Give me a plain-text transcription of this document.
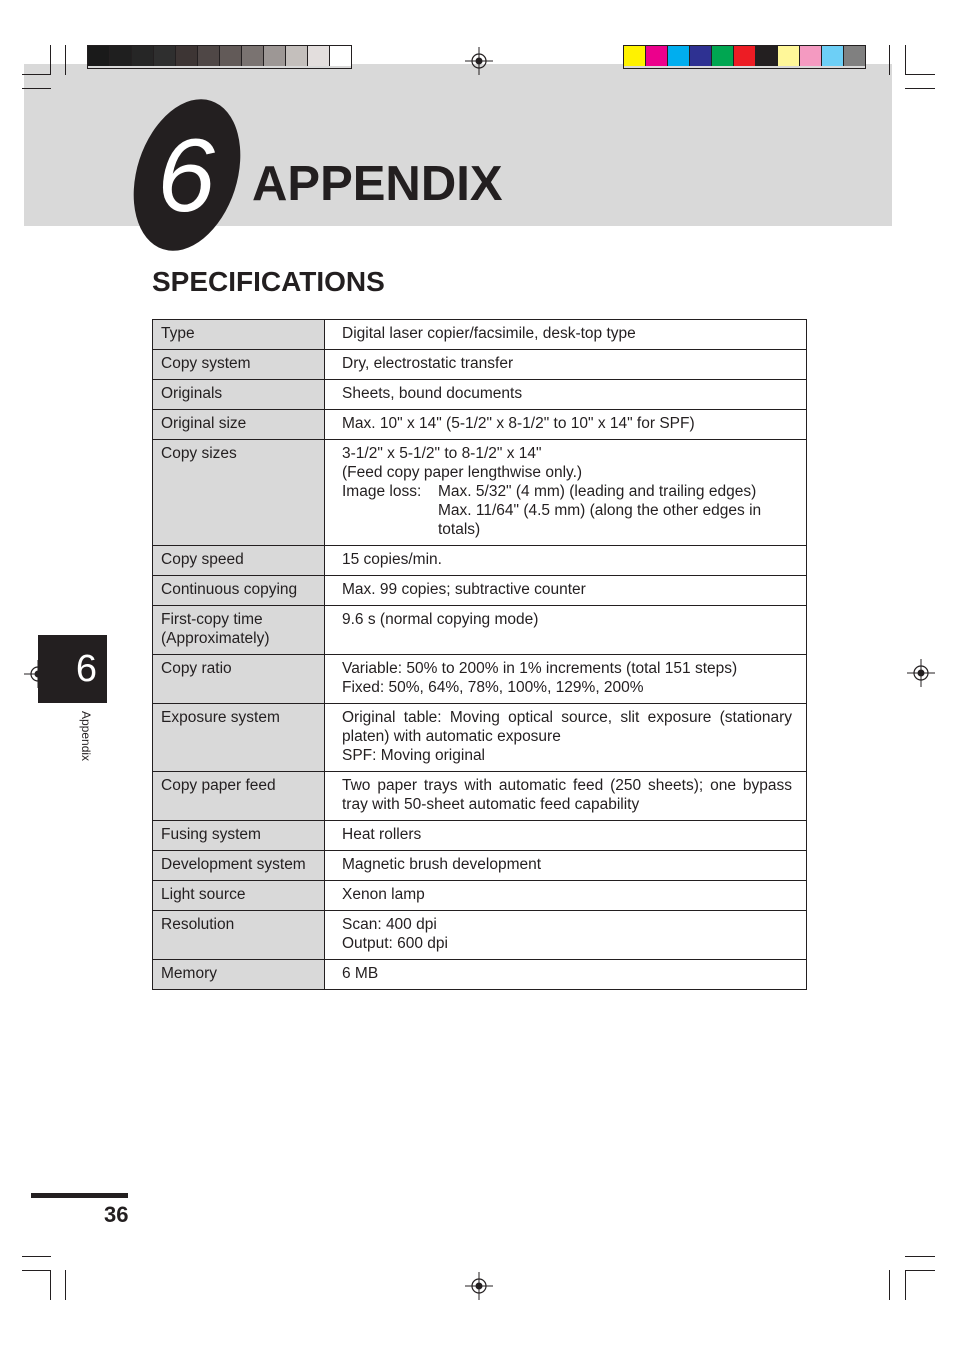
6 APPENDIX
SPECIFICATIONS
Type	Digital laser copier/facsimile, desk-top type

Copy system	Dry, electrostatic transfer

Originals	Sheets, bound documents

Original size	Max. 10" x 14" (5-1/2" x 8-1/2" to 10" x 14" for SPF)

Copy sizes	3-1/2" x 5-1/2" to 8-1/2" x 14"
(Feed copy paper lengthwise only.)
Image loss: Max. 5/32" (4 mm) (leading and trailing edges)
Max. 11/64" (4.5 mm) (along the other edges in totals)

Copy speed	15 copies/min.

Continuous copying	Max. 99 copies; subtractive counter

First-copy time
(Approximately)	9.6 s (normal copying mode)

Copy ratio	Variable: 50% to 200% in 1% increments (total 151 steps)
Fixed: 50%, 64%, 78%, 100%, 129%, 200%

Exposure system	Original table: Moving optical source, slit exposure (stationary platen) with automatic exposure
SPF: Moving original

Copy paper feed	Two paper trays with automatic feed (250 sheets); one bypass tray with 50-sheet automatic feed capability

Fusing system	Heat rollers

Development system	Magnetic brush development

Light source	Xenon lamp

Resolution	Scan: 400 dpi
Output: 600 dpi

Memory	6 MB
6
Appendix
36
